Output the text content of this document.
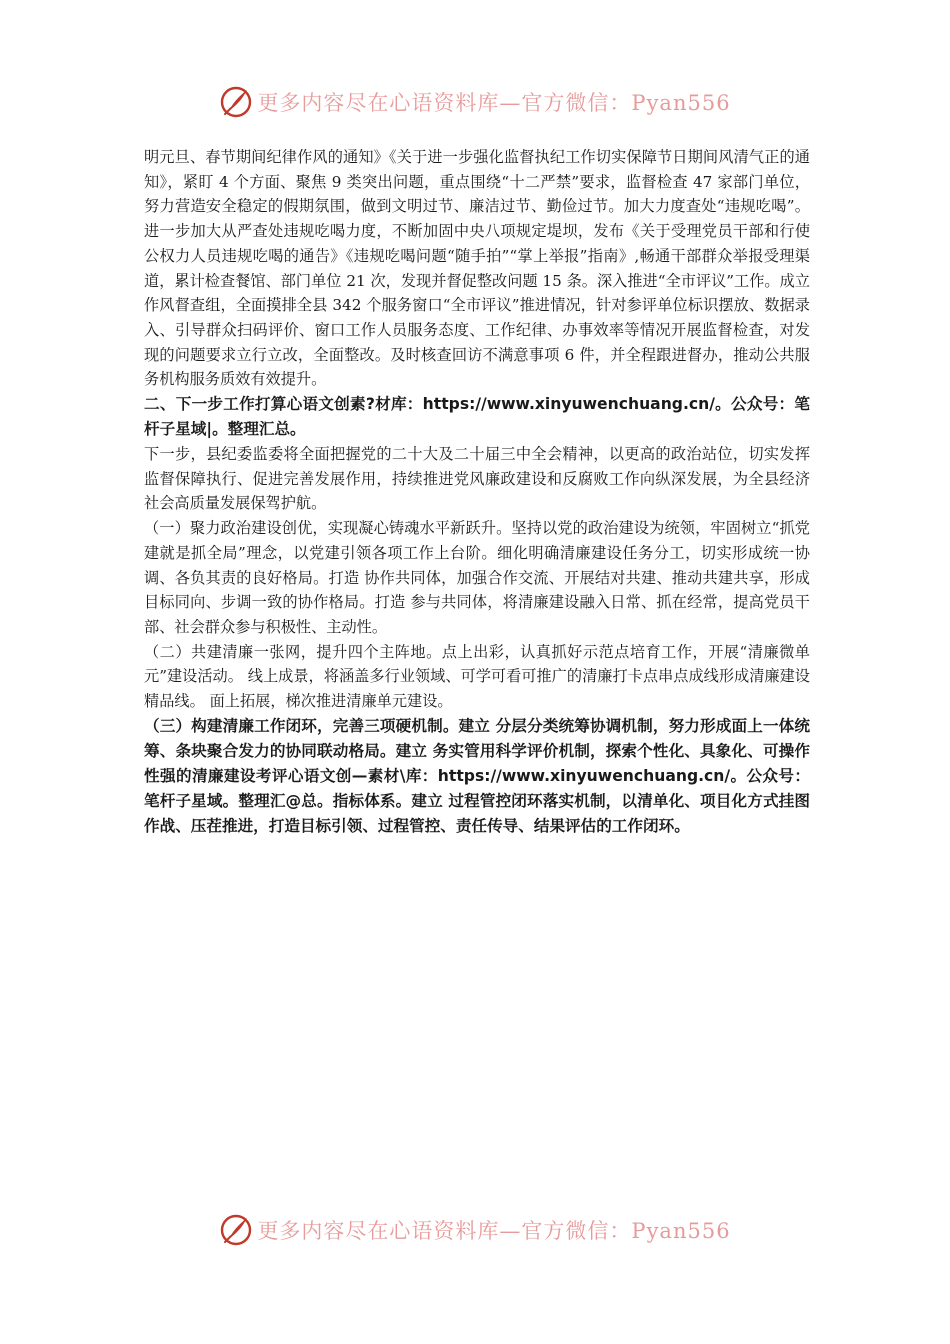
更多内容尽在心语资料库—官方微信：Pyan556

明元旦、春节期间纪律作风的通知》《关于进一步强化监督执纪工作切实保障节日期间风清气正的通知》，紧盯 4 个方面、聚焦 9 类突出问题，重点围绕“十二严禁”要求，监督检查 47 家部门单位，努力营造安全稳定的假期氛围，做到文明过节、廉洁过节、勤俭过节。加大力度查处“违规吃喝”。进一步加大从严查处违规吃喝力度，不断加固中央八项规定堤坝，发布《关于受理党员干部和行使公权力人员违规吃喝的通告》《违规吃喝问题“随手拍”“掌上举报”指南》,畅通干部群众举报受理渠道，累计检查餐馆、部门单位 21 次，发现并督促整改问题 15 条。深入推进“全市评议”工作。成立作风督查组，全面摸排全县 342 个服务窗口“全市评议”推进情况，针对参评单位标识摆放、数据录入、引导群众扫码评价、窗口工作人员服务态度、工作纪律、办事效率等情况开展监督检查，对发现的问题要求立行立改，全面整改。及时核查回访不满意事项 6 件，并全程跟进督办，推动公共服务机构服务质效有效提升。

二、下一步工作打算心语文创素?材库：https://www.xinyuwenchuang.cn/。公众号：笔杆子星域|。整理汇总。

下一步，县纪委监委将全面把握党的二十大及二十届三中全会精神，以更高的政治站位，切实发挥监督保障执行、促进完善发展作用，持续推进党风廉政建设和反腐败工作向纵深发展，为全县经济社会高质量发展保驾护航。

（一）聚力政治建设创优，实现凝心铸魂水平新跃升。坚持以党的政治建设为统领，牢固树立“抓党建就是抓全局”理念，以党建引领各项工作上台阶。细化明确清廉建设任务分工，切实形成统一协调、各负其责的良好格局。打造 协作共同体，加强合作交流、开展结对共建、推动共建共享，形成目标同向、步调一致的协作格局。打造 参与共同体，将清廉建设融入日常、抓在经常，提高党员干部、社会群众参与积极性、主动性。

（二）共建清廉一张网，提升四个主阵地。点上出彩，认真抓好示范点培育工作，开展“清廉微单元”建设活动。 线上成景，将涵盖多行业领域、可学可看可推广的清廉打卡点串点成线形成清廉建设精品线。 面上拓展，梯次推进清廉单元建设。

（三）构建清廉工作闭环，完善三项硬机制。建立 分层分类统筹协调机制，努力形成面上一体统筹、条块聚合发力的协同联动格局。建立 务实管用科学评价机制，探索个性化、具象化、可操作性强的清廉建设考评心语文创—素材\库：https://www.xinyuwenchuang.cn/。公众号：笔杆子星域。整理汇@总。指标体系。建立 过程管控闭环落实机制，以清单化、项目化方式挂图作战、压茬推进，打造目标引领、过程管控、责任传导、结果评估的工作闭环。

更多内容尽在心语资料库—官方微信：Pyan556
